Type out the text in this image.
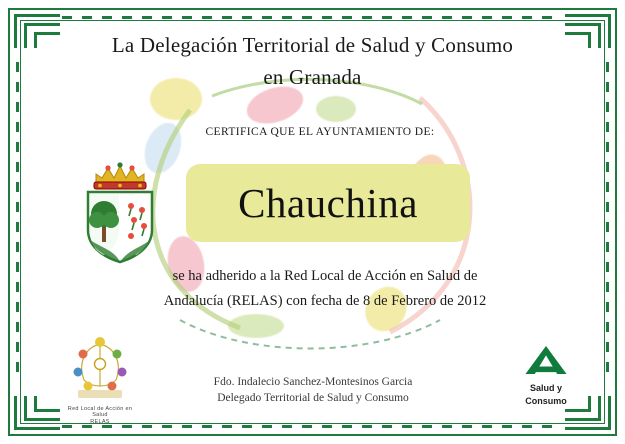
La Delegación Territorial de Salud y Consumo
en Granada
CERTIFICA QUE EL AYUNTAMIENTO DE:
Chauchina
se ha adherido a la Red Local de Acción en Salud de
Andalucía (RELAS) con fecha de 8 de Febrero de 2012
Fdo. Indalecio Sanchez-Montesinos Garcia
Delegado Territorial de Salud y Consumo
Red Local de Acción en Salud
RELAS
Salud y
Consumo
